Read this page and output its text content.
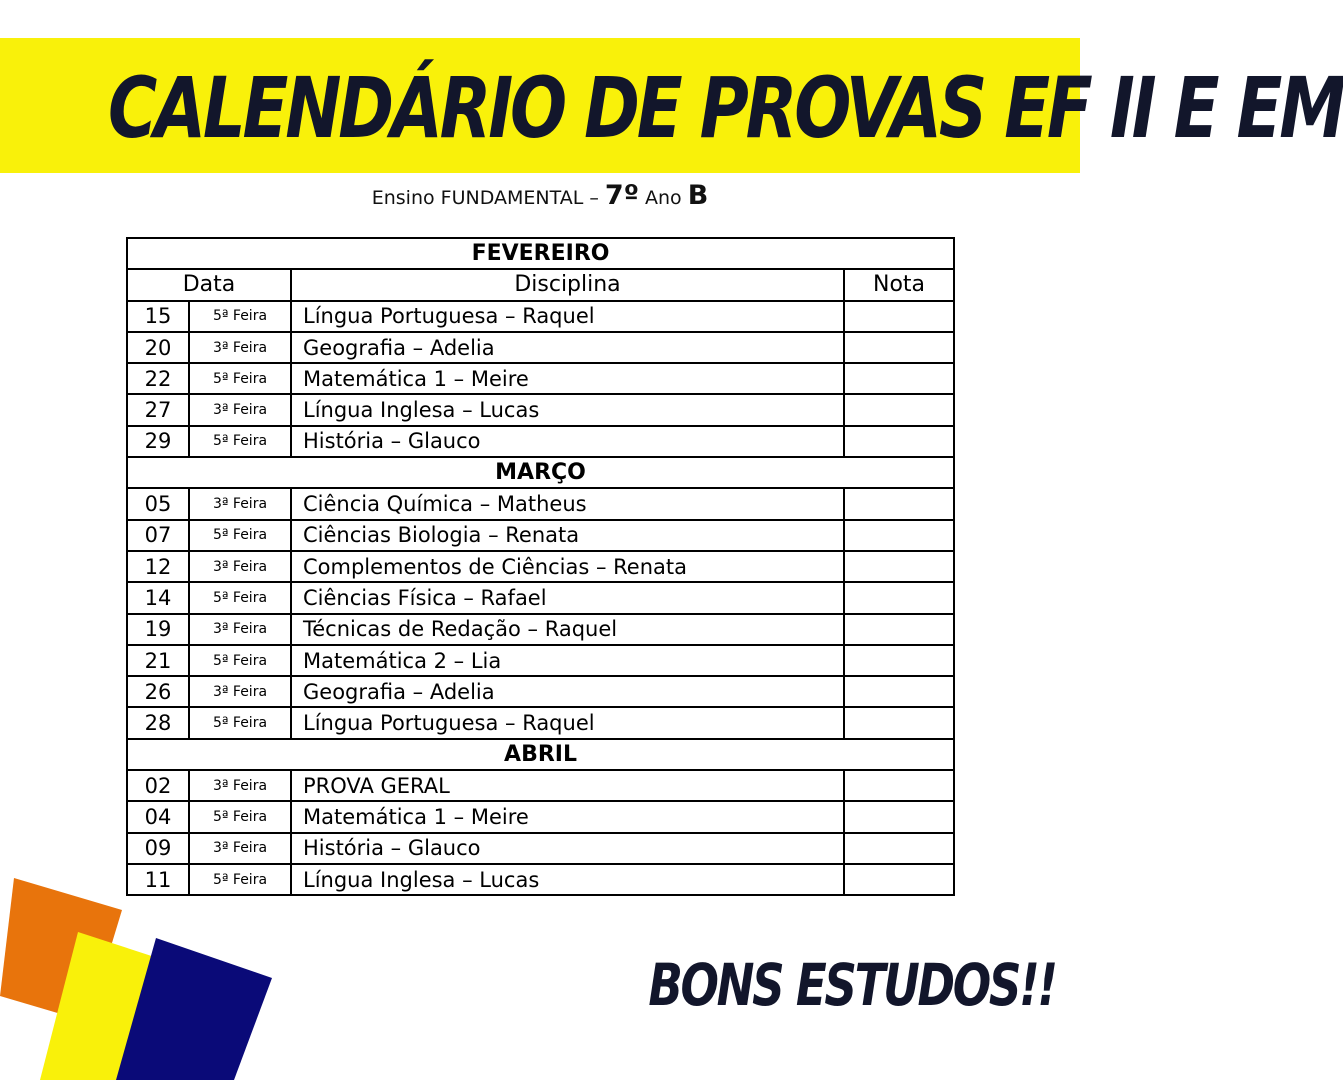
CALENDÁRIO DE PROVAS EF II E EM
Ensino FUNDAMENTAL – 7º Ano B
FEVEREIRO			
Data		Disciplina	Nota
15	5ª Feira	Língua Portuguesa – Raquel	
20	3ª Feira	Geografia – Adelia	
22	5ª Feira	Matemática 1 – Meire	
27	3ª Feira	Língua Inglesa – Lucas	
29	5ª Feira	História – Glauco	
MARÇO			
05	3ª Feira	Ciência Química – Matheus	
07	5ª Feira	Ciências Biologia – Renata	
12	3ª Feira	Complementos de Ciências – Renata	
14	5ª Feira	Ciências Física – Rafael	
19	3ª Feira	Técnicas de Redação – Raquel	
21	5ª Feira	Matemática 2 – Lia	
26	3ª Feira	Geografia – Adelia	
28	5ª Feira	Língua Portuguesa – Raquel	
ABRIL			
02	3ª Feira	PROVA GERAL	
04	5ª Feira	Matemática 1 – Meire	
09	3ª Feira	História – Glauco	
11	5ª Feira	Língua Inglesa – Lucas	
BONS ESTUDOS!!
